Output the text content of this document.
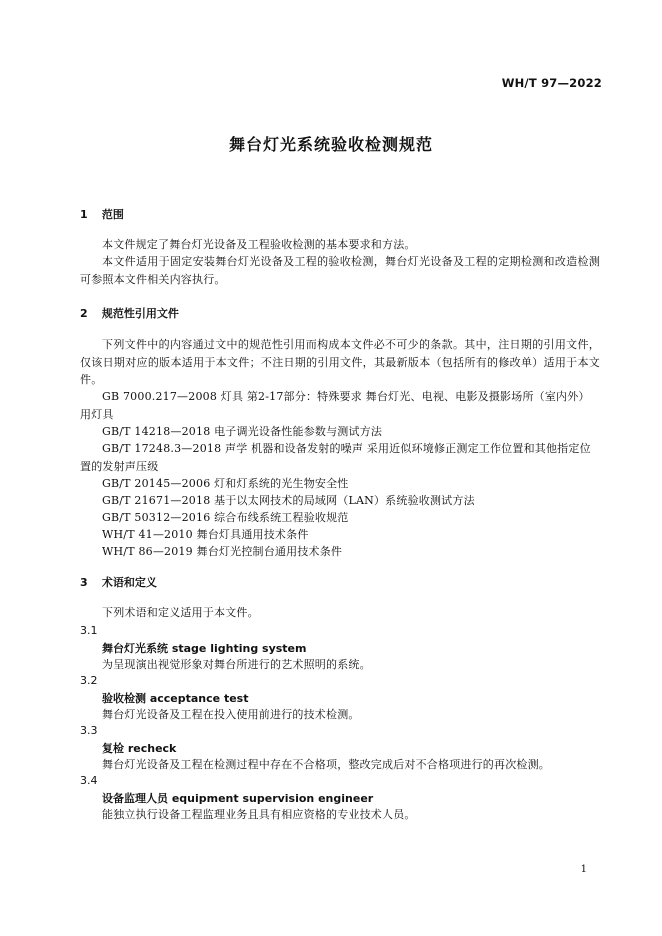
WH/T 97—2022
舞台灯光系统验收检测规范
1 范围
本文件规定了舞台灯光设备及工程验收检测的基本要求和方法。
本文件适用于固定安装舞台灯光设备及工程的验收检测，舞台灯光设备及工程的定期检测和改造检测可参照本文件相关内容执行。
2 规范性引用文件
下列文件中的内容通过文中的规范性引用而构成本文件必不可少的条款。其中，注日期的引用文件，仅该日期对应的版本适用于本文件；不注日期的引用文件，其最新版本（包括所有的修改单）适用于本文件。
GB 7000.217—2008 灯具 第2-17部分：特殊要求 舞台灯光、电视、电影及摄影场所（室内外）用灯具
GB/T 14218—2018 电子调光设备性能参数与测试方法
GB/T 17248.3—2018 声学 机器和设备发射的噪声 采用近似环境修正测定工作位置和其他指定位置的发射声压级
GB/T 20145—2006 灯和灯系统的光生物安全性
GB/T 21671—2018 基于以太网技术的局域网（LAN）系统验收测试方法
GB/T 50312—2016 综合布线系统工程验收规范
WH/T 41—2010 舞台灯具通用技术条件
WH/T 86—2019 舞台灯光控制台通用技术条件
3 术语和定义
下列术语和定义适用于本文件。
3.1
舞台灯光系统 stage lighting system
为呈现演出视觉形象对舞台所进行的艺术照明的系统。
3.2
验收检测 acceptance test
舞台灯光设备及工程在投入使用前进行的技术检测。
3.3
复检 recheck
舞台灯光设备及工程在检测过程中存在不合格项，整改完成后对不合格项进行的再次检测。
3.4
设备监理人员 equipment supervision engineer
能独立执行设备工程监理业务且具有相应资格的专业技术人员。
1
